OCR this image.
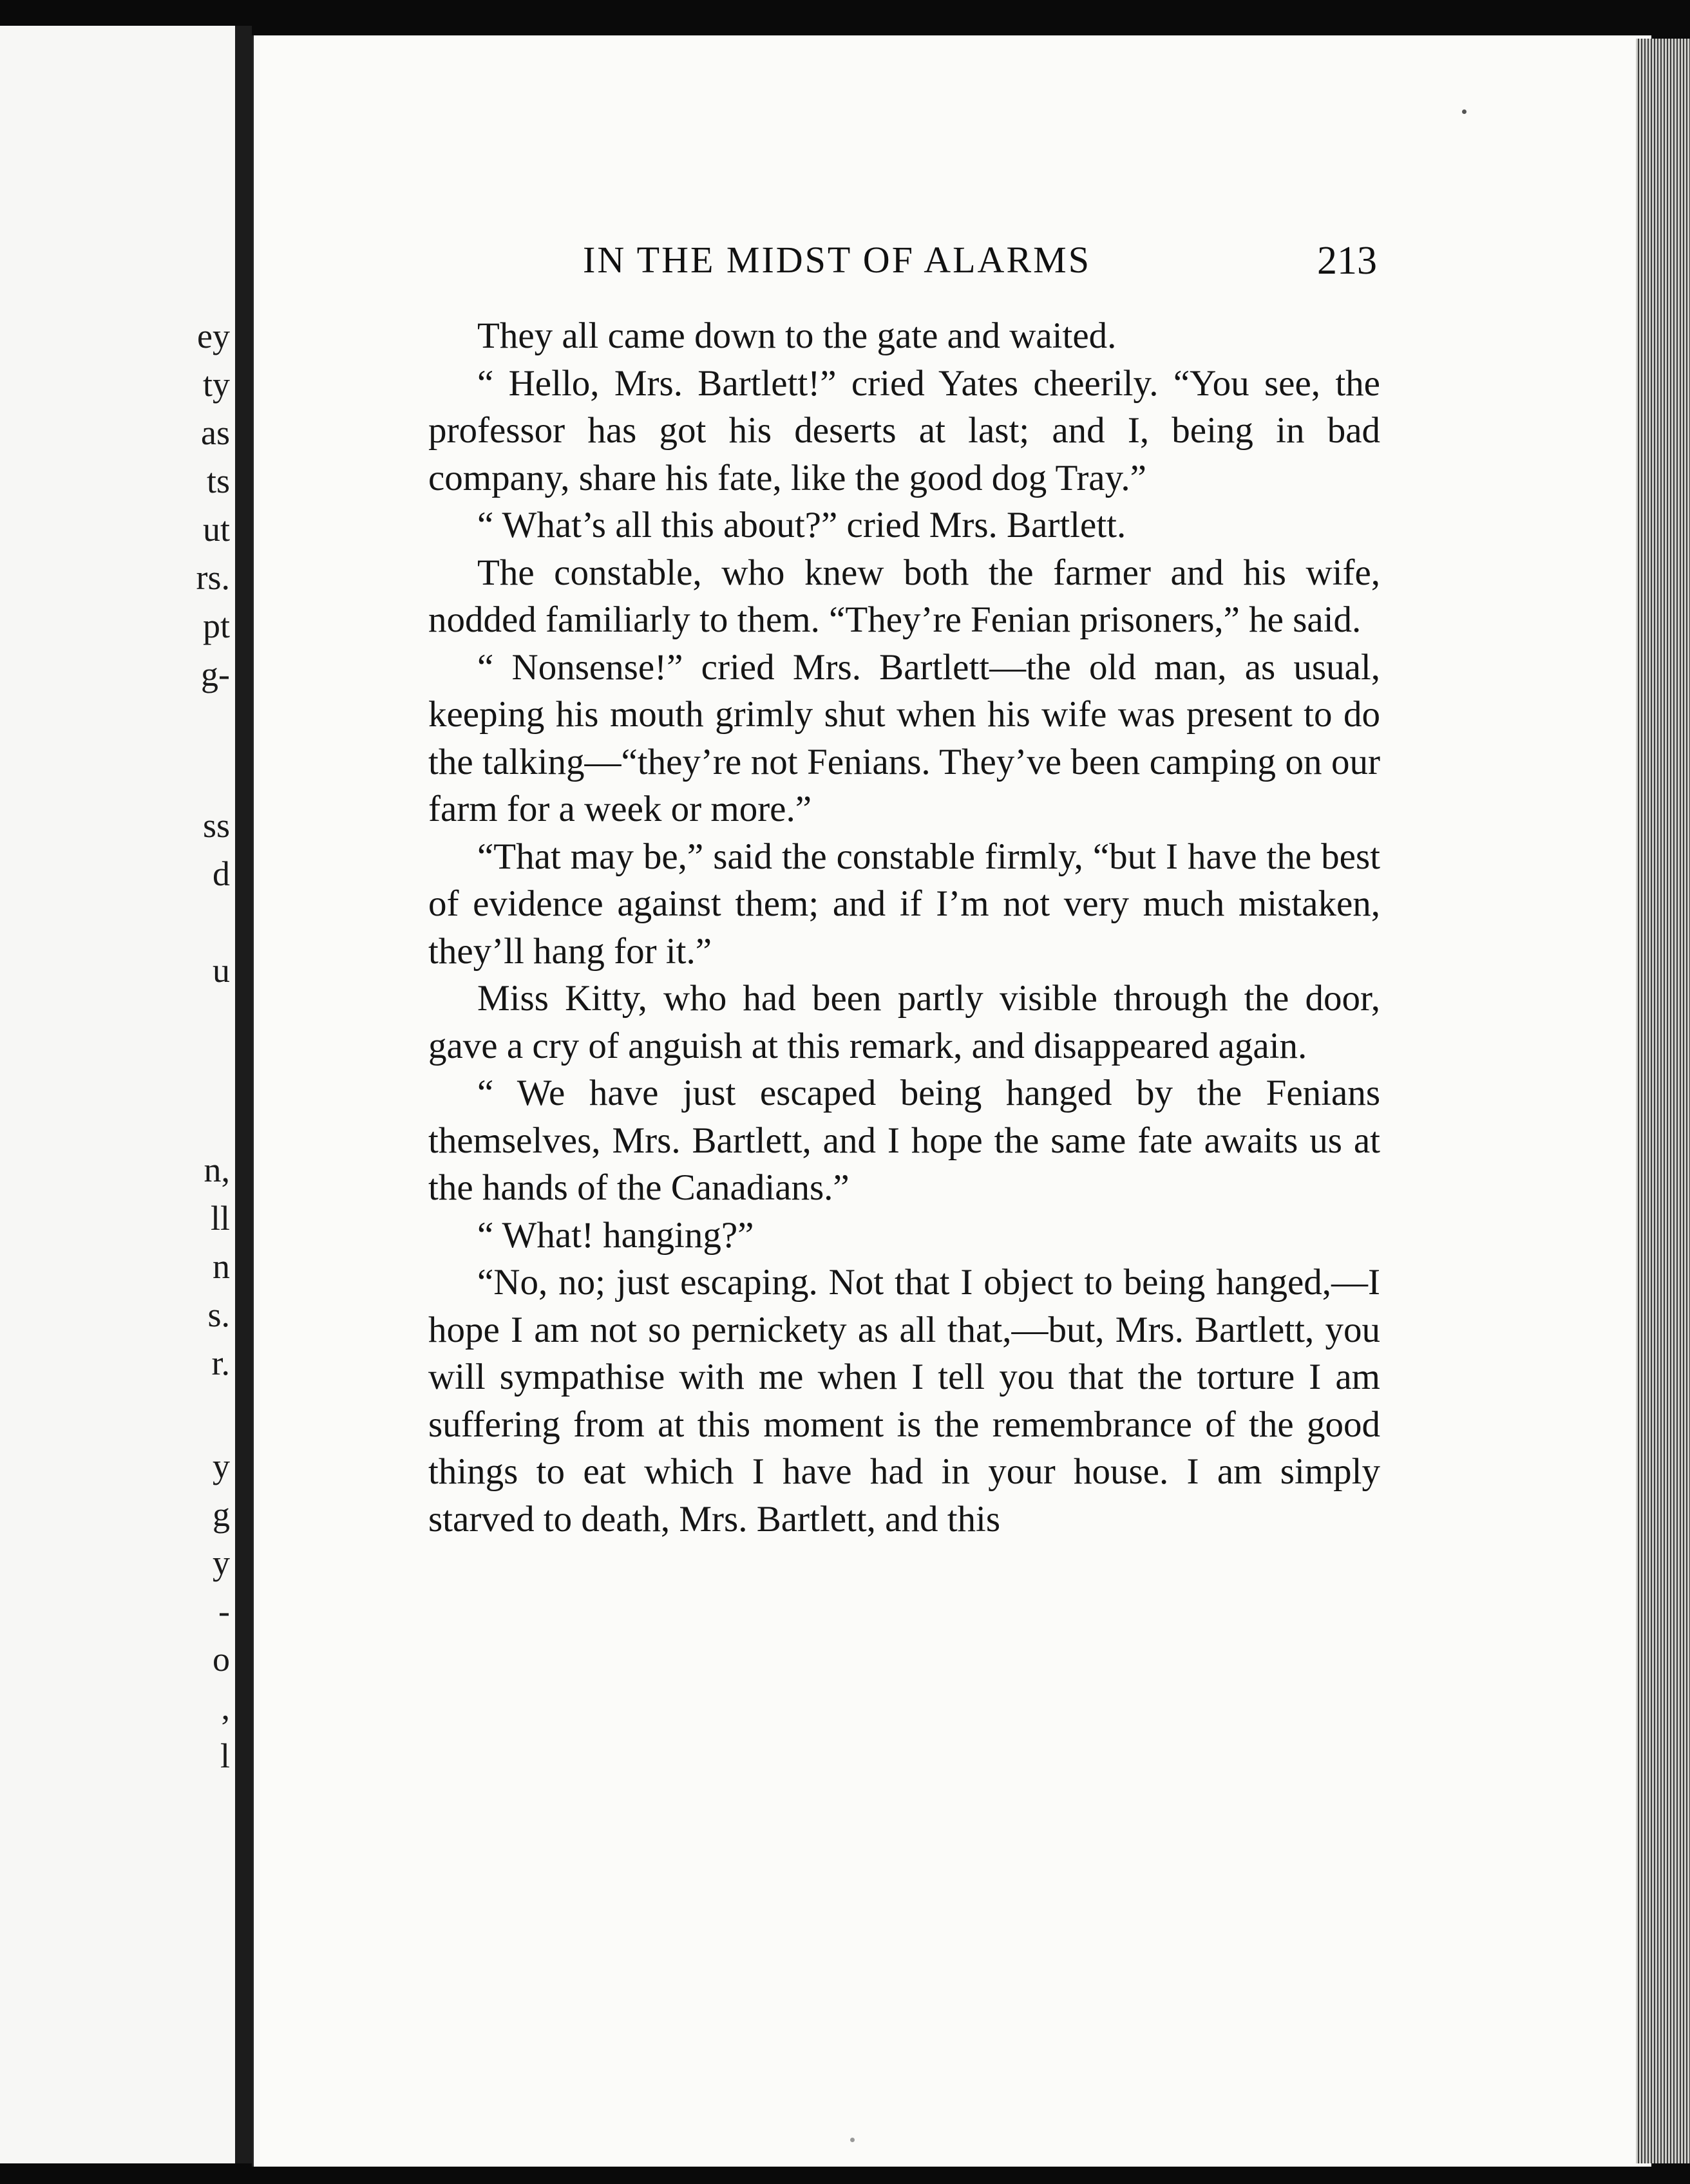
ey
ty
as
ts
ut
rs.
pt
g-
ss
d
u
n,
ll
n
s.
r.
y
g
y
-
o
,
l
IN THE MIDST OF ALARMS	213

They all came down to the gate and waited.

“ Hello, Mrs. Bartlett!” cried Yates cheerily. “You see, the professor has got his deserts at last; and I, being in bad company, share his fate, like the good dog Tray.”

“ What’s all this about?” cried Mrs. Bartlett.

The constable, who knew both the farmer and his wife, nodded familiarly to them. “They’re Fenian prisoners,” he said.

“ Nonsense!” cried Mrs. Bartlett—the old man, as usual, keeping his mouth grimly shut when his wife was present to do the talking—“they’re not Fenians. They’ve been camping on our farm for a week or more.”

“That may be,” said the constable firmly, “but I have the best of evidence against them; and if I’m not very much mistaken, they’ll hang for it.”

Miss Kitty, who had been partly visible through the door, gave a cry of anguish at this remark, and disappeared again.

“ We have just escaped being hanged by the Fenians themselves, Mrs. Bartlett, and I hope the same fate awaits us at the hands of the Canadians.”

“ What! hanging?”

“No, no; just escaping. Not that I object to being hanged,—I hope I am not so pernickety as all that,—but, Mrs. Bartlett, you will sympathise with me when I tell you that the torture I am suffering from at this moment is the remembrance of the good things to eat which I have had in your house. I am simply starved to death, Mrs. Bartlett, and this
